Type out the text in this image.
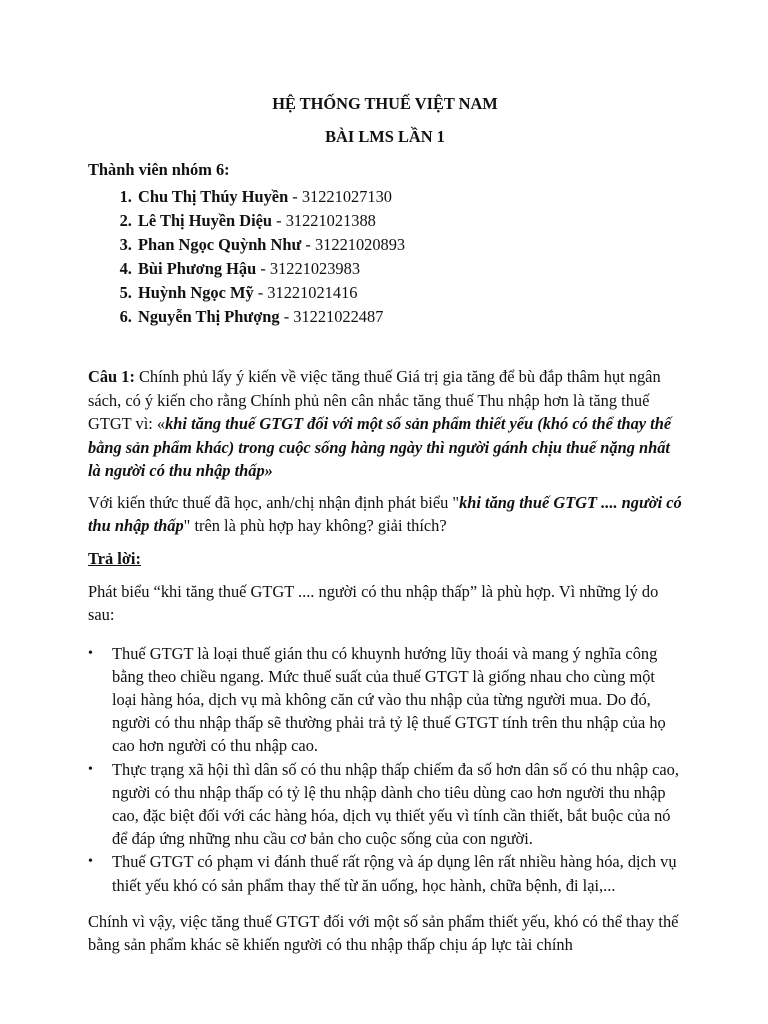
HỆ THỐNG THUẾ VIỆT NAM

BÀI LMS LẦN 1

Thành viên nhóm 6:

1. Chu Thị Thúy Huyền - 31221027130
2. Lê Thị Huyền Diệu - 31221021388
3. Phan Ngọc Quỳnh Như - 31221020893
4. Bùi Phương Hậu - 31221023983
5. Huỳnh Ngọc Mỹ - 31221021416
6. Nguyễn Thị Phượng - 31221022487

Câu 1: Chính phủ lấy ý kiến về việc tăng thuế Giá trị gia tăng để bù đắp thâm hụt ngân sách, có ý kiến cho rằng Chính phủ nên cân nhắc tăng thuế Thu nhập hơn là tăng thuế GTGT vì: «khi tăng thuế GTGT đối với một số sản phẩm thiết yếu (khó có thể thay thế bằng sản phẩm khác) trong cuộc sống hàng ngày thì người gánh chịu thuế nặng nhất là người có thu nhập thấp»

Với kiến thức thuế đã học, anh/chị nhận định phát biểu "khi tăng thuế GTGT .... người có thu nhập thấp" trên là phù hợp hay không? giải thích?

Trả lời:

Phát biểu “khi tăng thuế GTGT .... người có thu nhập thấp” là phù hợp. Vì những lý do sau:

• Thuế GTGT là loại thuế gián thu có khuynh hướng lũy thoái và mang ý nghĩa công bằng theo chiều ngang. Mức thuế suất của thuế GTGT là giống nhau cho cùng một loại hàng hóa, dịch vụ mà không căn cứ vào thu nhập của từng người mua. Do đó, người có thu nhập thấp sẽ thường phải trả tỷ lệ thuế GTGT tính trên thu nhập của họ cao hơn người có thu nhập cao.
• Thực trạng xã hội thì dân số có thu nhập thấp chiếm đa số hơn dân số có thu nhập cao, người có thu nhập thấp có tỷ lệ thu nhập dành cho tiêu dùng cao hơn người thu nhập cao, đặc biệt đối với các hàng hóa, dịch vụ thiết yếu vì tính cần thiết, bắt buộc của nó để đáp ứng những nhu cầu cơ bản cho cuộc sống của con người.
• Thuế GTGT có phạm vi đánh thuế rất rộng và áp dụng lên rất nhiều hàng hóa, dịch vụ thiết yếu khó có sản phẩm thay thế từ ăn uống, học hành, chữa bệnh, đi lại,...

Chính vì vậy, việc tăng thuế GTGT đối với một số sản phẩm thiết yếu, khó có thể thay thế bằng sản phẩm khác sẽ khiến người có thu nhập thấp chịu áp lực tài chính
